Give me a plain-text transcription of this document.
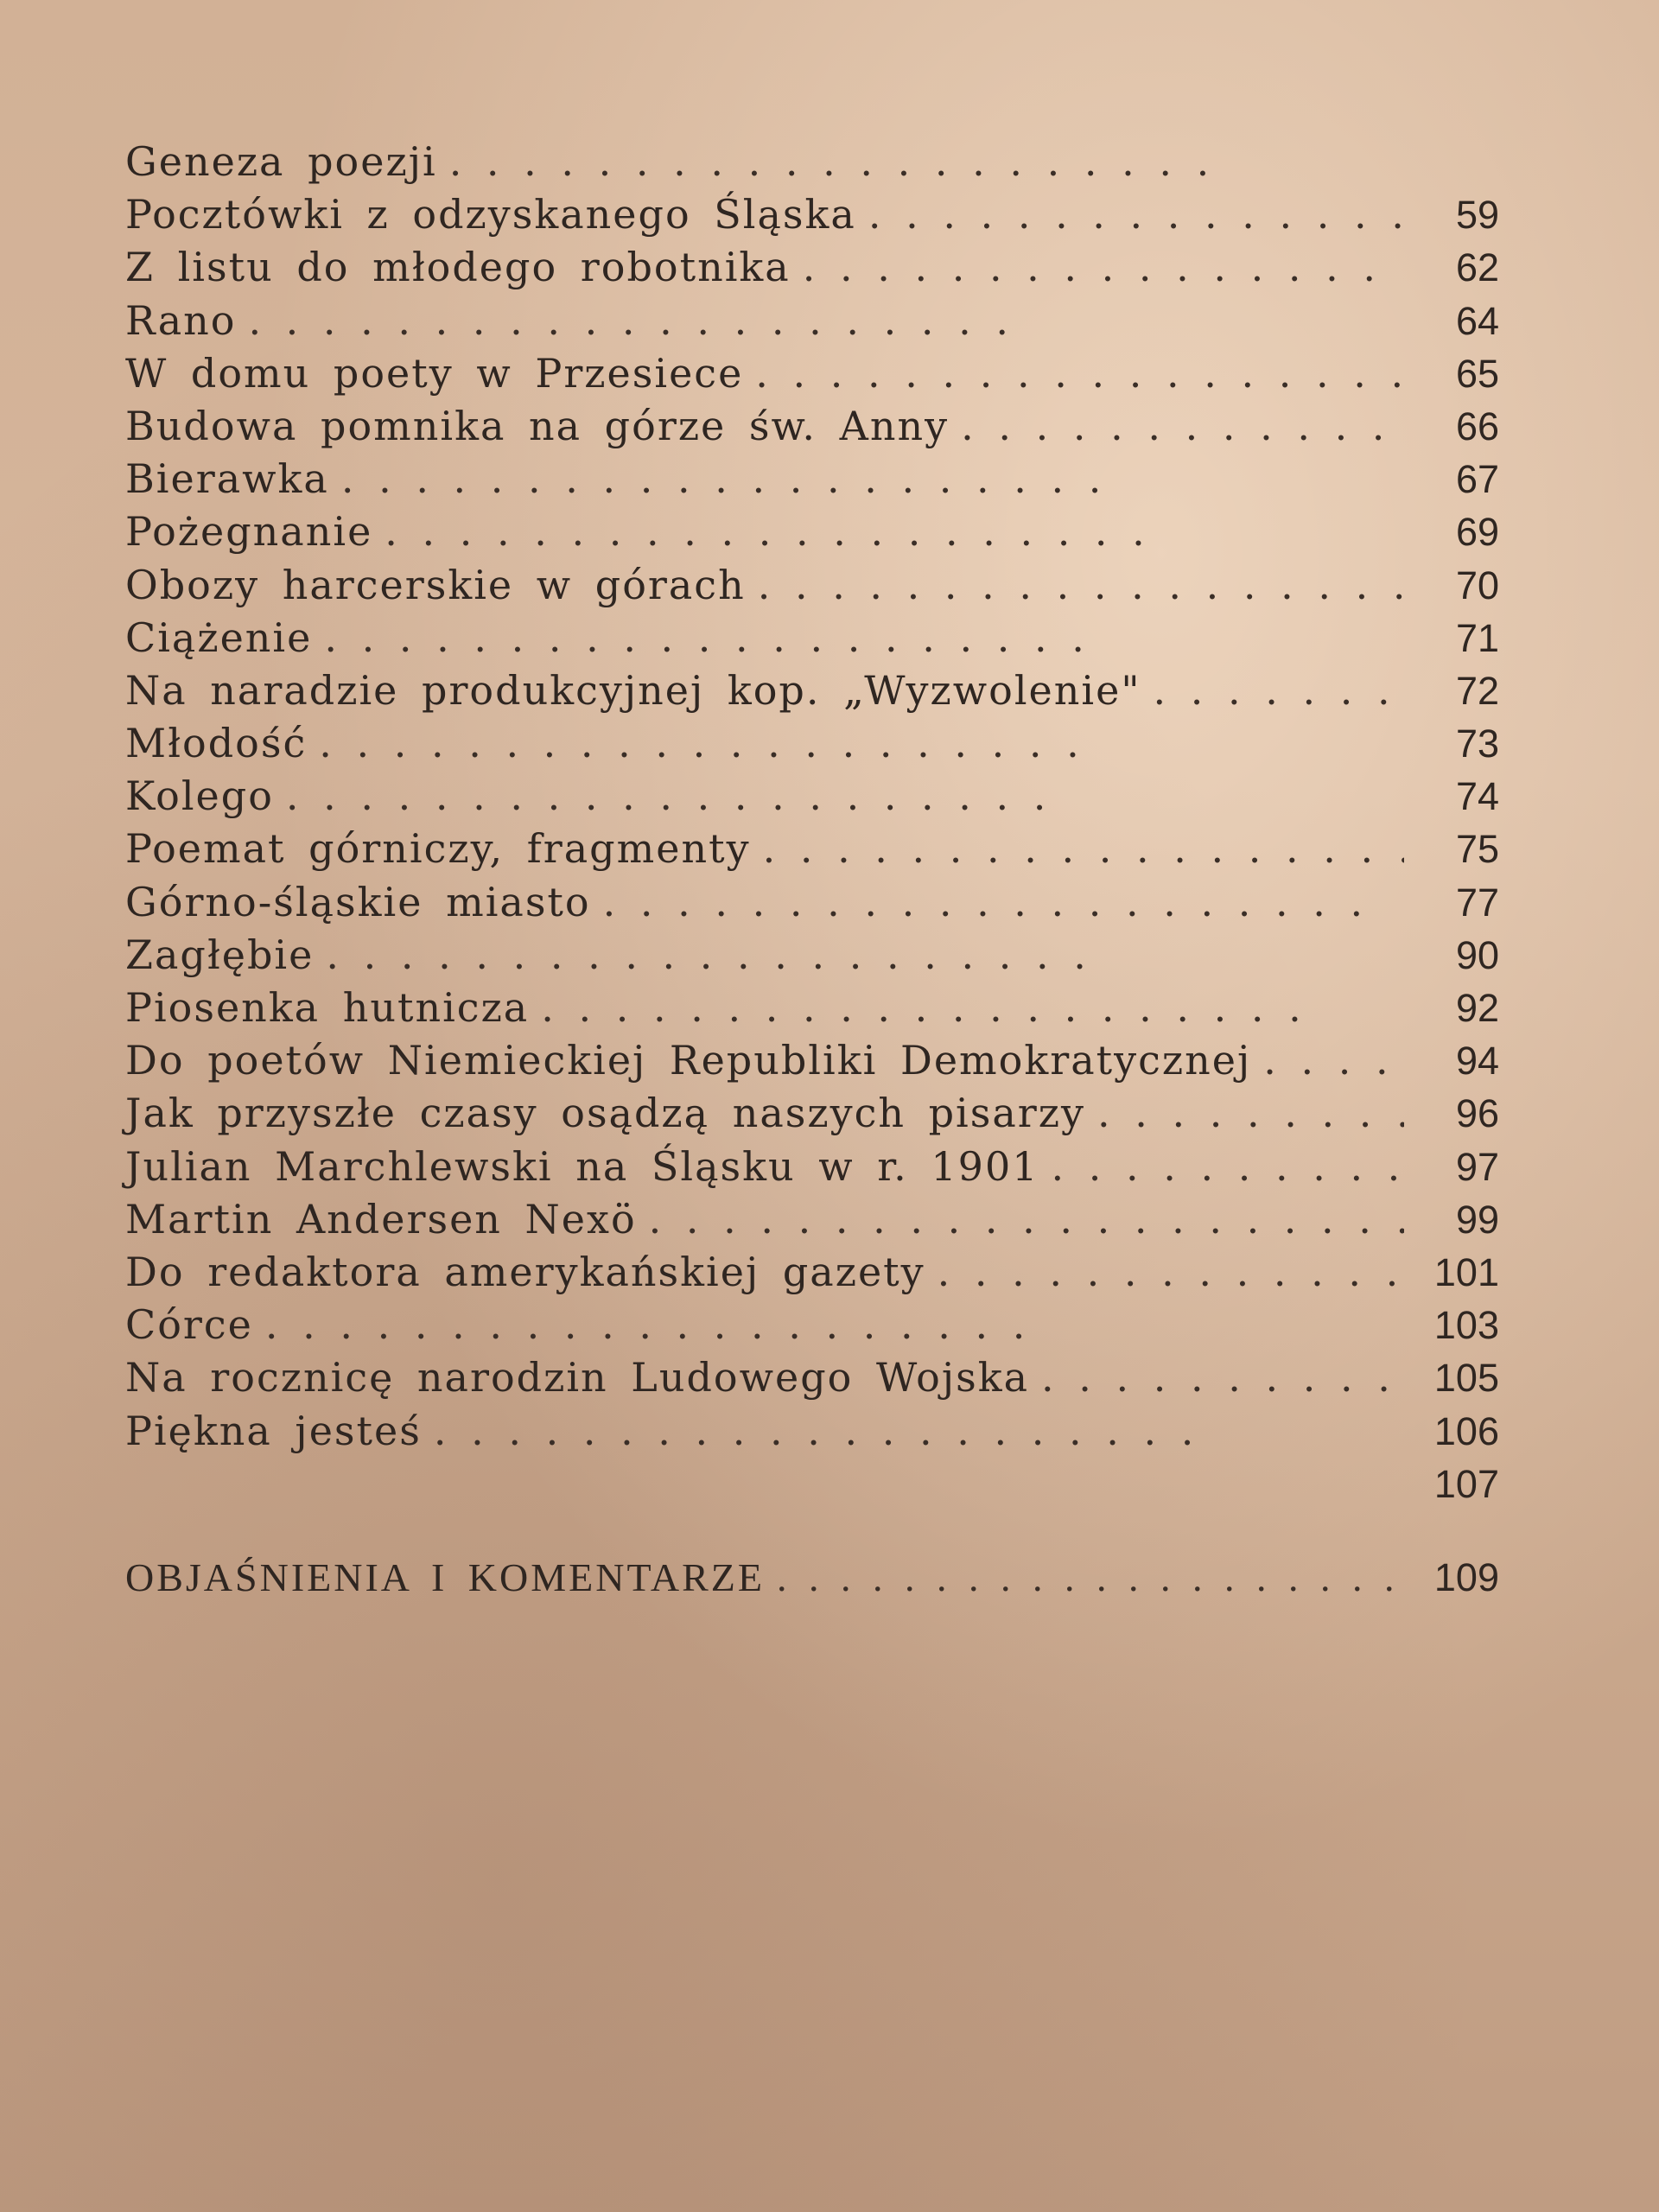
Geneza poezji
.
Pocztówki z odzyskanego Śląska .	59
Z listu do młodego robotnika .	62
Rano .	64
W domu poety w Przesiece .	65
Budowa pomnika na górze św. Anny .	66
Bierawka .	67
Pożegnanie .	69
Obozy harcerskie w górach .	70
Ciążenie .	71
Na naradzie produkcyjnej kop. „Wyzwolenie" .	72
Młodość .	73
Kolego .	74
Poemat górniczy, fragmenty .	75
Górno-śląskie miasto .	77
Zagłębie .	90
Piosenka hutnicza .	92
Do poetów Niemieckiej Republiki Demokratycznej .	94
Jak przyszłe czasy osądzą naszych pisarzy .	96
Julian Marchlewski na Śląsku w r. 1901 .	97
Martin Andersen Nexö .	99
Do redaktora amerykańskiej gazety .	101
Córce .	103
Na rocznicę narodzin Ludowego Wojska .	105
Piękna jesteś .	106
107
OBJAŚNIENIA I KOMENTARZE .	109
